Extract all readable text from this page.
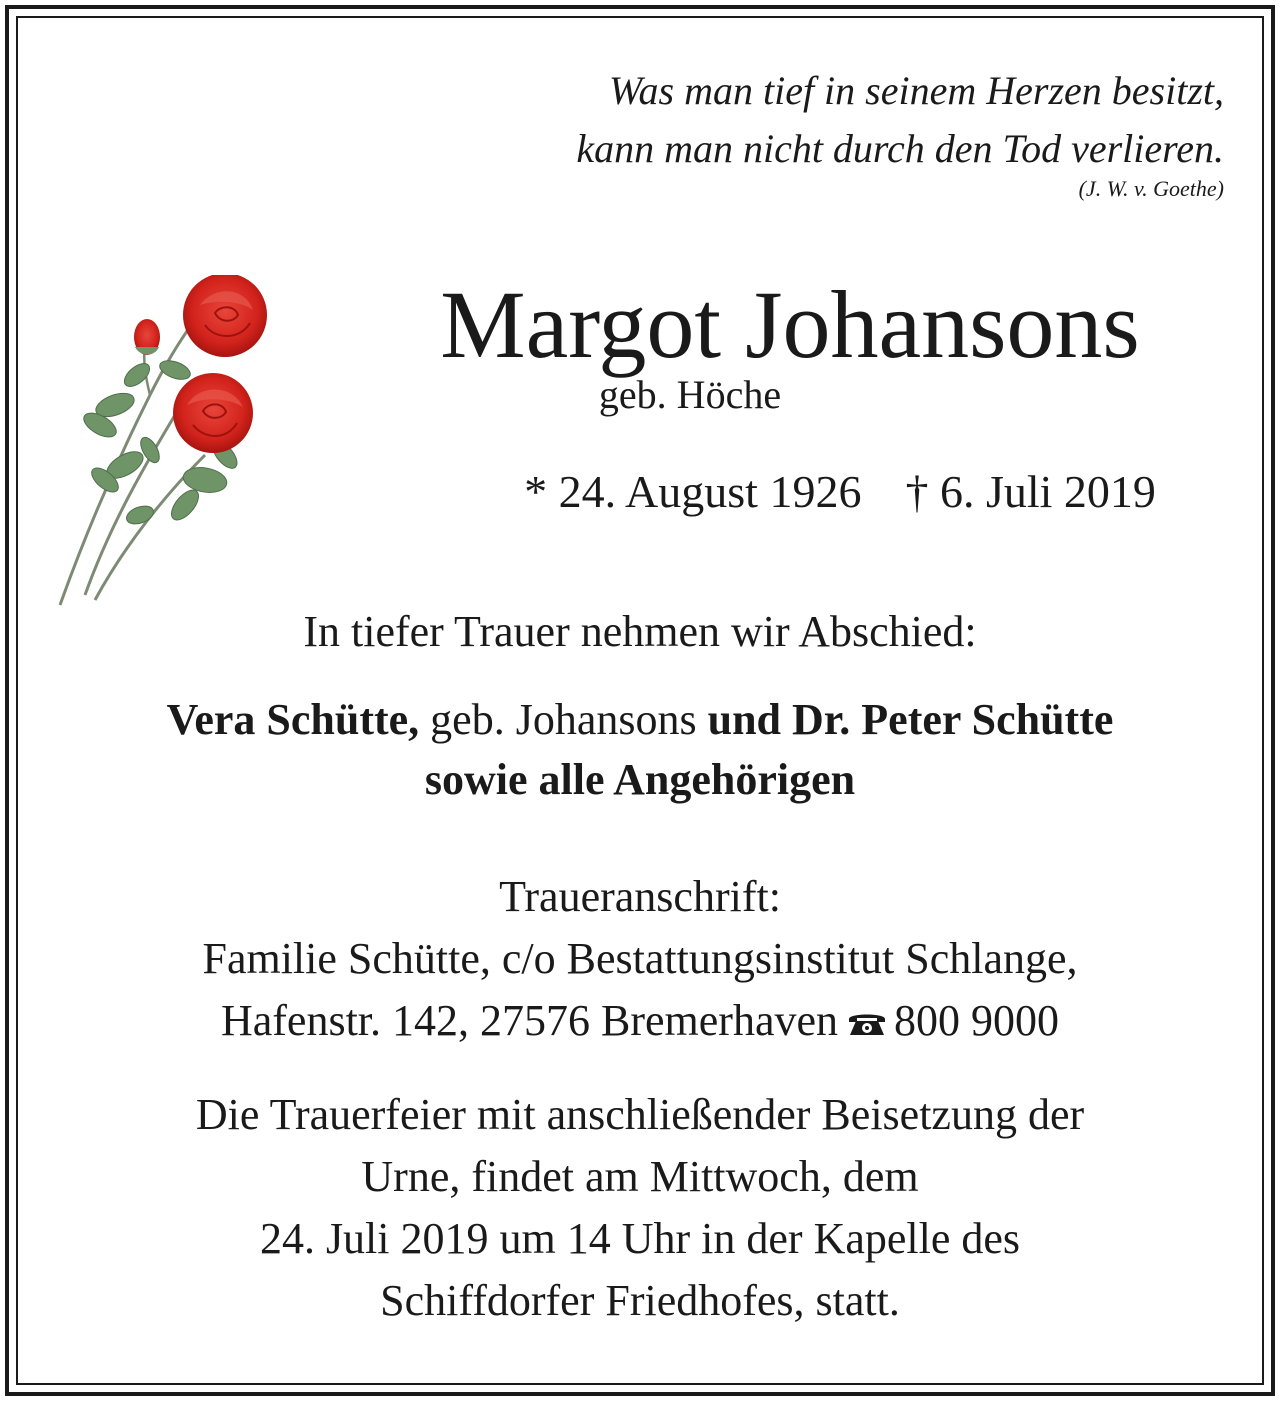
Was man tief in seinem Herzen besitzt,
kann man nicht durch den Tod verlieren.
(J. W. v. Goethe)
Margot Johansons
geb. Höche
* 24. August 1926 † 6. Juli 2019
In tiefer Trauer nehmen wir Abschied:
Vera Schütte, geb. Johansons und Dr. Peter Schütte
sowie alle Angehörigen
Traueranschrift:
Familie Schütte, c/o Bestattungsinstitut Schlange,
Hafenstr. 142, 27576 Bremerhaven 800 9000
Die Trauerfeier mit anschließender Beisetzung der
Urne, findet am Mittwoch, dem
24. Juli 2019 um 14 Uhr in der Kapelle des
Schiffdorfer Friedhofes, statt.
